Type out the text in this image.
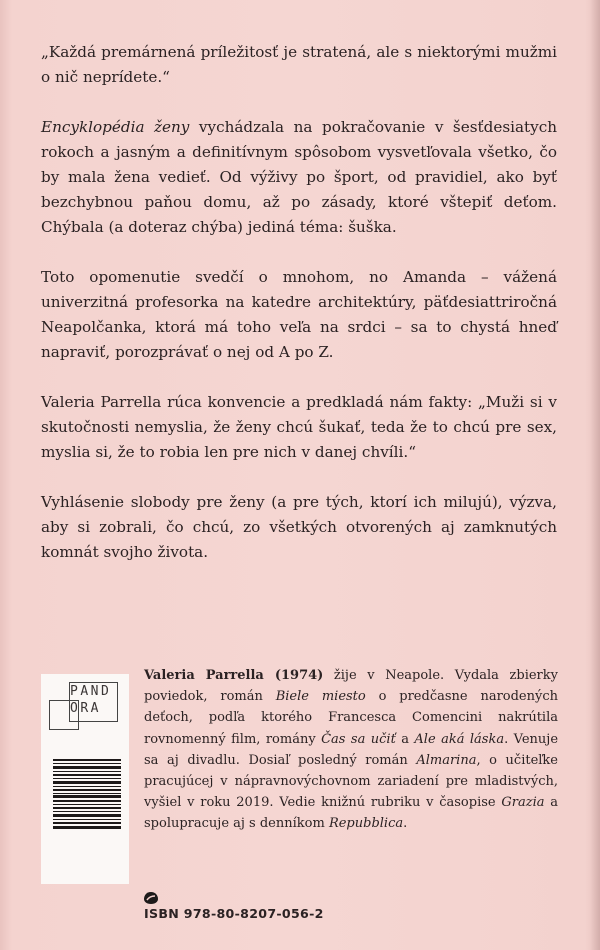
„Každá premárnená príležitosť je stratená, ale s niektorými mužmi o nič neprídete.“

Encyklopédia ženy vychádzala na pokračovanie v šesťdesiatych rokoch a jasným a definitívnym spôsobom vysvetľovala všetko, čo by mala žena vedieť. Od výživy po šport, od pravidiel, ako byť bezchybnou paňou domu, až po zásady, ktoré vštepiť deťom. Chýbala (a doteraz chýba) jediná téma: šuška.

Toto opomenutie svedčí o mnohom, no Amanda – vážená univerzitná profesorka na katedre architektúry, päťdesiattriročná Neapolčanka, ktorá má toho veľa na srdci – sa to chystá hneď napraviť, porozprávať o nej od A po Z.

Valeria Parrella rúca konvencie a predkladá nám fakty: „Muži si v skutočnosti nemyslia, že ženy chcú šukať, teda že to chcú pre sex, myslia si, že to robia len pre nich v danej chvíli.“

Vyhlásenie slobody pre ženy (a pre tých, ktorí ich milujú), výzva, aby si zobrali, čo chcú, zo všetkých otvorených aj zamknutých komnát svojho života.

PAND
ORA
Valeria Parrella (1974) žije v Neapole. Vydala zbierky poviedok, román Biele miesto o predčasne narodených deťoch, podľa ktorého Francesca Comencini nakrútila rovnomenný film, romány Čas sa učiť a Ale aká láska. Venuje sa aj divadlu. Dosiaľ posledný román Almarina, o učiteľke pracujúcej v nápravnovýchovnom zariadení pre mladistvých, vyšiel v roku 2019. Vedie knižnú rubriku v časopise Grazia a spolupracuje aj s denníkom Repubblica.
ISBN 978-80-8207-056-2
